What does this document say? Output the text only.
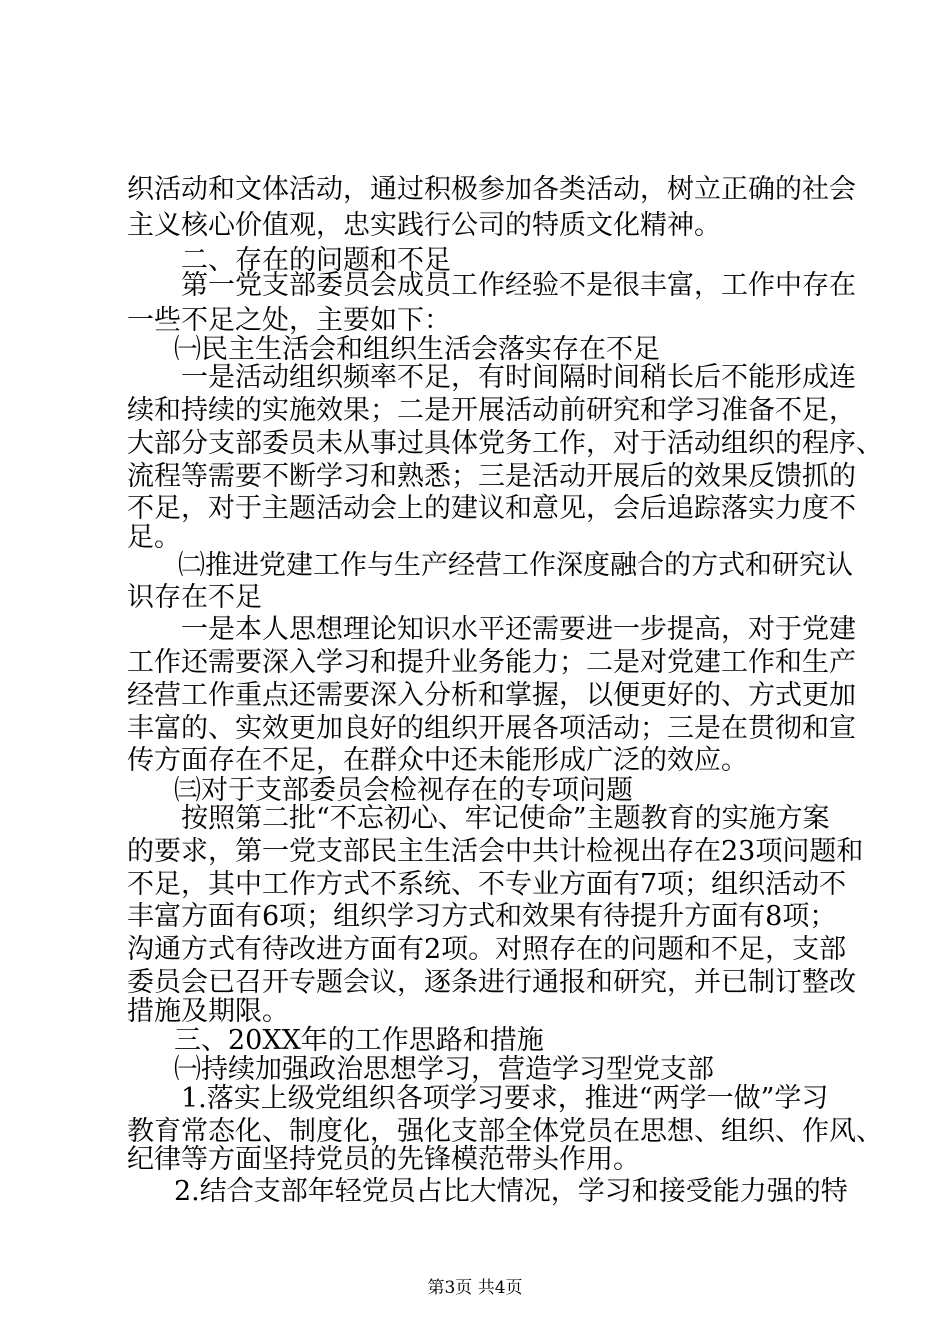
织活动和文体活动，通过积极参加各类活动，树立正确的社会
主义核心价值观，忠实践行公司的特质文化精神。
二、存在的问题和不足
第一党支部委员会成员工作经验不是很丰富，工作中存在
一些不足之处，主要如下：
㈠民主生活会和组织生活会落实存在不足
一是活动组织频率不足，有时间隔时间稍长后不能形成连
续和持续的实施效果；二是开展活动前研究和学习准备不足，
大部分支部委员未从事过具体党务工作，对于活动组织的程序、
流程等需要不断学习和熟悉；三是活动开展后的效果反馈抓的
不足，对于主题活动会上的建议和意见，会后追踪落实力度不
足。
㈡推进党建工作与生产经营工作深度融合的方式和研究认
识存在不足
一是本人思想理论知识水平还需要进一步提高，对于党建
工作还需要深入学习和提升业务能力；二是对党建工作和生产
经营工作重点还需要深入分析和掌握，以便更好的、方式更加
丰富的、实效更加良好的组织开展各项活动；三是在贯彻和宣
传方面存在不足，在群众中还未能形成广泛的效应。
㈢对于支部委员会检视存在的专项问题
按照第二批“不忘初心、牢记使命”主题教育的实施方案
的要求，第一党支部民主生活会中共计检视出存在23项问题和
不足，其中工作方式不系统、不专业方面有7项；组织活动不
丰富方面有6项；组织学习方式和效果有待提升方面有8项；
沟通方式有待改进方面有2项。对照存在的问题和不足，支部
委员会已召开专题会议，逐条进行通报和研究，并已制订整改
措施及期限。
三、20XX年的工作思路和措施
㈠持续加强政治思想学习，营造学习型党支部
1.落实上级党组织各项学习要求，推进“两学一做”学习
教育常态化、制度化，强化支部全体党员在思想、组织、作风、
纪律等方面坚持党员的先锋模范带头作用。
2.结合支部年轻党员占比大情况，学习和接受能力强的特
第3页 共4页
